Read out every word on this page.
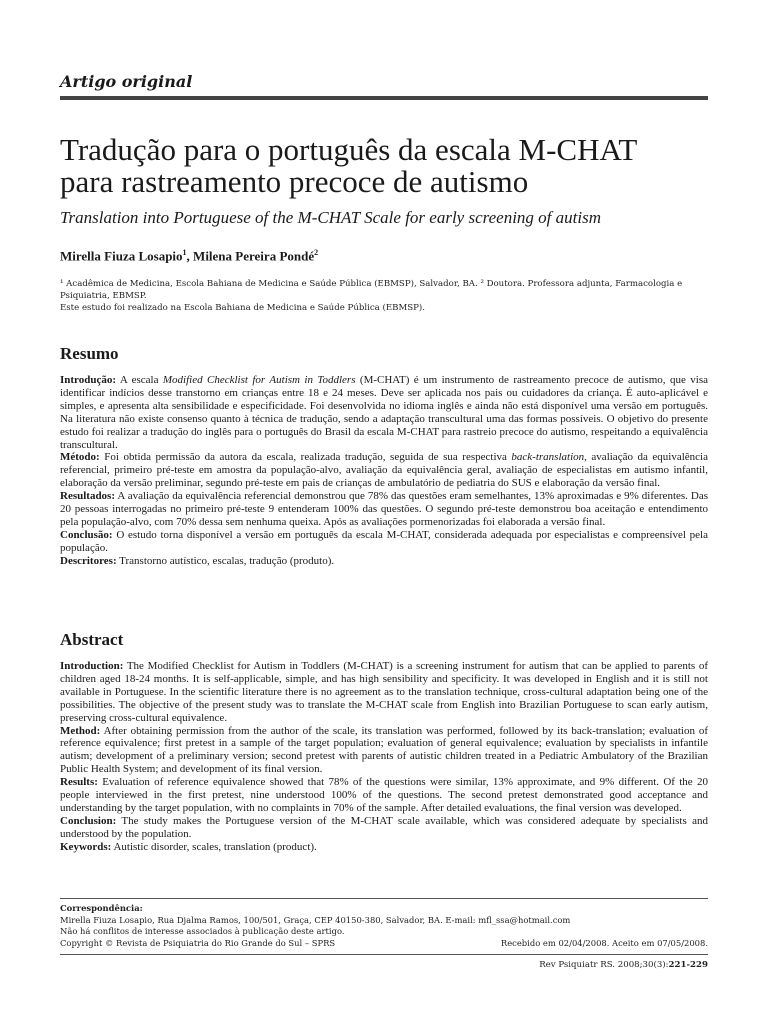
Artigo original
Tradução para o português da escala M-CHAT
para rastreamento precoce de autismo
Translation into Portuguese of the M-CHAT Scale for early screening of autism
Mirella Fiuza Losapio$^1$, Milena Pereira Pondé$^2$

¹ Acadêmica de Medicina, Escola Bahiana de Medicina e Saúde Pública (EBMSP), Salvador, BA. ² Doutora. Professora adjunta, Farmacologia e Psiquiatria, EBMSP.

Este estudo foi realizado na Escola Bahiana de Medicina e Saúde Pública (EBMSP).

Resumo

Introdução: A escala Modified Checklist for Autism in Toddlers (M-CHAT) é um instrumento de rastreamento precoce de autismo, que visa identificar indícios desse transtorno em crianças entre 18 e 24 meses. Deve ser aplicada nos pais ou cuidadores da criança. É auto-aplicável e simples, e apresenta alta sensibilidade e especificidade. Foi desenvolvida no idioma inglês e ainda não está disponível uma versão em português. Na literatura não existe consenso quanto à técnica de tradução, sendo a adaptação transcultural uma das formas possíveis. O objetivo do presente estudo foi realizar a tradução do inglês para o português do Brasil da escala M-CHAT para rastreio precoce do autismo, respeitando a equivalência transcultural.

Método: Foi obtida permissão da autora da escala, realizada tradução, seguida de sua respectiva back-translation, avaliação da equivalência referencial, primeiro pré-teste em amostra da população-alvo, avaliação da equivalência geral, avaliação de especialistas em autismo infantil, elaboração da versão preliminar, segundo pré-teste em pais de crianças de ambulatório de pediatria do SUS e elaboração da versão final.

Resultados: A avaliação da equivalência referencial demonstrou que 78% das questões eram semelhantes, 13% aproximadas e 9% diferentes. Das 20 pessoas interrogadas no primeiro pré-teste 9 entenderam 100% das questões. O segundo pré-teste demonstrou boa aceitação e entendimento pela população-alvo, com 70% dessa sem nenhuma queixa. Após as avaliações pormenorizadas foi elaborada a versão final.

Conclusão: O estudo torna disponível a versão em português da escala M-CHAT, considerada adequada por especialistas e compreensível pela população.

Descritores: Transtorno autístico, escalas, tradução (produto).

Abstract

Introduction: The Modified Checklist for Autism in Toddlers (M-CHAT) is a screening instrument for autism that can be applied to parents of children aged 18-24 months. It is self-applicable, simple, and has high sensibility and specificity. It was developed in English and it is still not available in Portuguese. In the scientific literature there is no agreement as to the translation technique, cross-cultural adaptation being one of the possibilities. The objective of the present study was to translate the M-CHAT scale from English into Brazilian Portuguese to scan early autism, preserving cross-cultural equivalence.

Method: After obtaining permission from the author of the scale, its translation was performed, followed by its back-translation; evaluation of reference equivalence; first pretest in a sample of the target population; evaluation of general equivalence; evaluation by specialists in infantile autism; development of a preliminary version; second pretest with parents of autistic children treated in a Pediatric Ambulatory of the Brazilian Public Health System; and development of its final version.

Results: Evaluation of reference equivalence showed that 78% of the questions were similar, 13% approximate, and 9% different. Of the 20 people interviewed in the first pretest, nine understood 100% of the questions. The second pretest demonstrated good acceptance and understanding by the target population, with no complaints in 70% of the sample. After detailed evaluations, the final version was developed.

Conclusion: The study makes the Portuguese version of the M-CHAT scale available, which was considered adequate by specialists and understood by the population.

Keywords: Autistic disorder, scales, translation (product).

Correspondência:

Mirella Fiuza Losapio, Rua Djalma Ramos, 100/501, Graça, CEP 40150-380, Salvador, BA. E-mail: mfl_ssa@hotmail.com

Não há conflitos de interesse associados à publicação deste artigo.

Copyright © Revista de Psiquiatria do Rio Grande do Sul – SPRS	Recebido em 02/04/2008. Aceito em 07/05/2008.

Rev Psiquiatr RS. 2008;30(3):221-229
